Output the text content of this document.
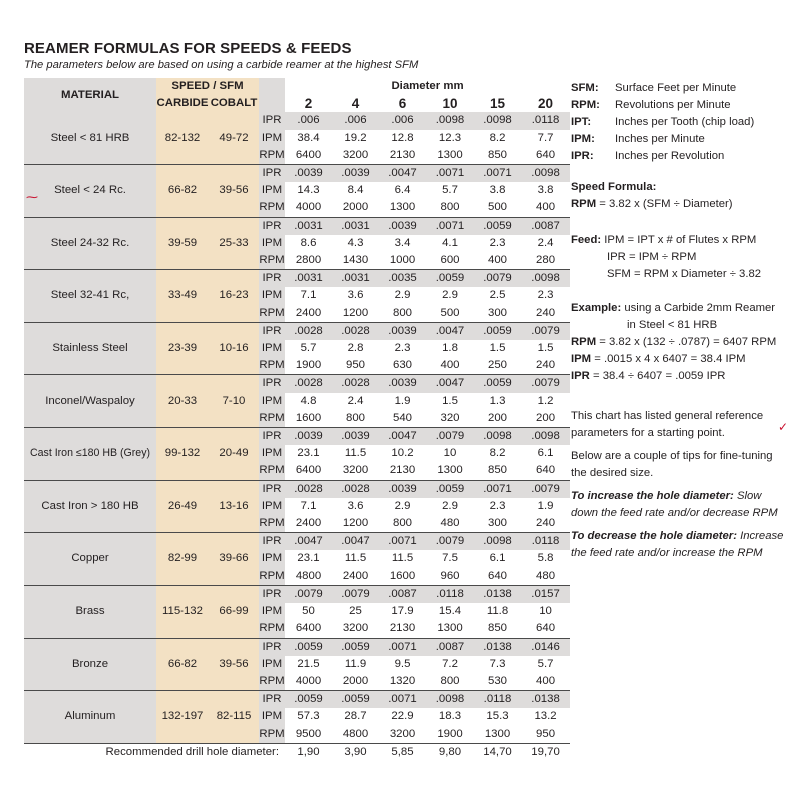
REAMER FORMULAS FOR SPEEDS & FEEDS
The parameters below are based on using a carbide reamer at the highest SFM
MATERIAL	SPEED / SFM			Diameter mm					
	CARBIDE	COBALT		2	4	6	10	15	20
Steel < 81 HRB	82-132	49-72	IPR	.006	.006	.006	.0098	.0098	.0118
			IPM	38.4	19.2	12.8	12.3	8.2	7.7
			RPM	6400	3200	2130	1300	850	640
Steel < 24 Rc.	66-82	39-56	IPR	.0039	.0039	.0047	.0071	.0071	.0098
			IPM	14.3	8.4	6.4	5.7	3.8	3.8
			RPM	4000	2000	1300	800	500	400
Steel 24-32 Rc.	39-59	25-33	IPR	.0031	.0031	.0039	.0071	.0059	.0087
			IPM	8.6	4.3	3.4	4.1	2.3	2.4
			RPM	2800	1430	1000	600	400	280
Steel 32-41 Rc,	33-49	16-23	IPR	.0031	.0031	.0035	.0059	.0079	.0098
			IPM	7.1	3.6	2.9	2.9	2.5	2.3
			RPM	2400	1200	800	500	300	240
Stainless Steel	23-39	10-16	IPR	.0028	.0028	.0039	.0047	.0059	.0079
			IPM	5.7	2.8	2.3	1.8	1.5	1.5
			RPM	1900	950	630	400	250	240
Inconel/Waspaloy	20-33	7-10	IPR	.0028	.0028	.0039	.0047	.0059	.0079
			IPM	4.8	2.4	1.9	1.5	1.3	1.2
			RPM	1600	800	540	320	200	200
Cast Iron ≤180 HB (Grey)	99-132	20-49	IPR	.0039	.0039	.0047	.0079	.0098	.0098
			IPM	23.1	11.5	10.2	10	8.2	6.1
			RPM	6400	3200	2130	1300	850	640
Cast Iron > 180 HB	26-49	13-16	IPR	.0028	.0028	.0039	.0059	.0071	.0079
			IPM	7.1	3.6	2.9	2.9	2.3	1.9
			RPM	2400	1200	800	480	300	240
Copper	82-99	39-66	IPR	.0047	.0047	.0071	.0079	.0098	.0118
			IPM	23.1	11.5	11.5	7.5	6.1	5.8
			RPM	4800	2400	1600	960	640	480
Brass	115-132	66-99	IPR	.0079	.0079	.0087	.0118	.0138	.0157
			IPM	50	25	17.9	15.4	11.8	10
			RPM	6400	3200	2130	1300	850	640
Bronze	66-82	39-56	IPR	.0059	.0059	.0071	.0087	.0138	.0146
			IPM	21.5	11.9	9.5	7.2	7.3	5.7
			RPM	4000	2000	1320	800	530	400
Aluminum	132-197	82-115	IPR	.0059	.0059	.0071	.0098	.0118	.0138
			IPM	57.3	28.7	22.9	18.3	15.3	13.2
			RPM	9500	4800	3200	1900	1300	950
Recommended drill hole diameter:				1,90	3,90	5,85	9,80	14,70	19,70
SFM:	Surface Feet per Minute
RPM:	Revolutions per Minute
IPT:	Inches per Tooth (chip load)
IPM:	Inches per Minute
IPR:	Inches per Revolution
Speed Formula:
RPM = 3.82 x (SFM ÷ Diameter)
Feed: IPM = IPT x # of Flutes x RPM
IPR = IPM ÷ RPM
SFM = RPM x Diameter ÷ 3.82
Example: using a Carbide 2mm Reamer
in Steel < 81 HRB
RPM = 3.82 x (132 ÷ .0787) = 6407 RPM
IPM = .0015 x 4 x 6407 = 38.4 IPM
IPR = 38.4 ÷ 6407 = .0059 IPR
This chart has listed general reference parameters for a starting point.
Below are a couple of tips for fine-tuning the desired size.
To increase the hole diameter: Slow down the feed rate and/or decrease RPM
To decrease the hole diameter: Increase the feed rate and/or increase the RPM
⁓
✓
